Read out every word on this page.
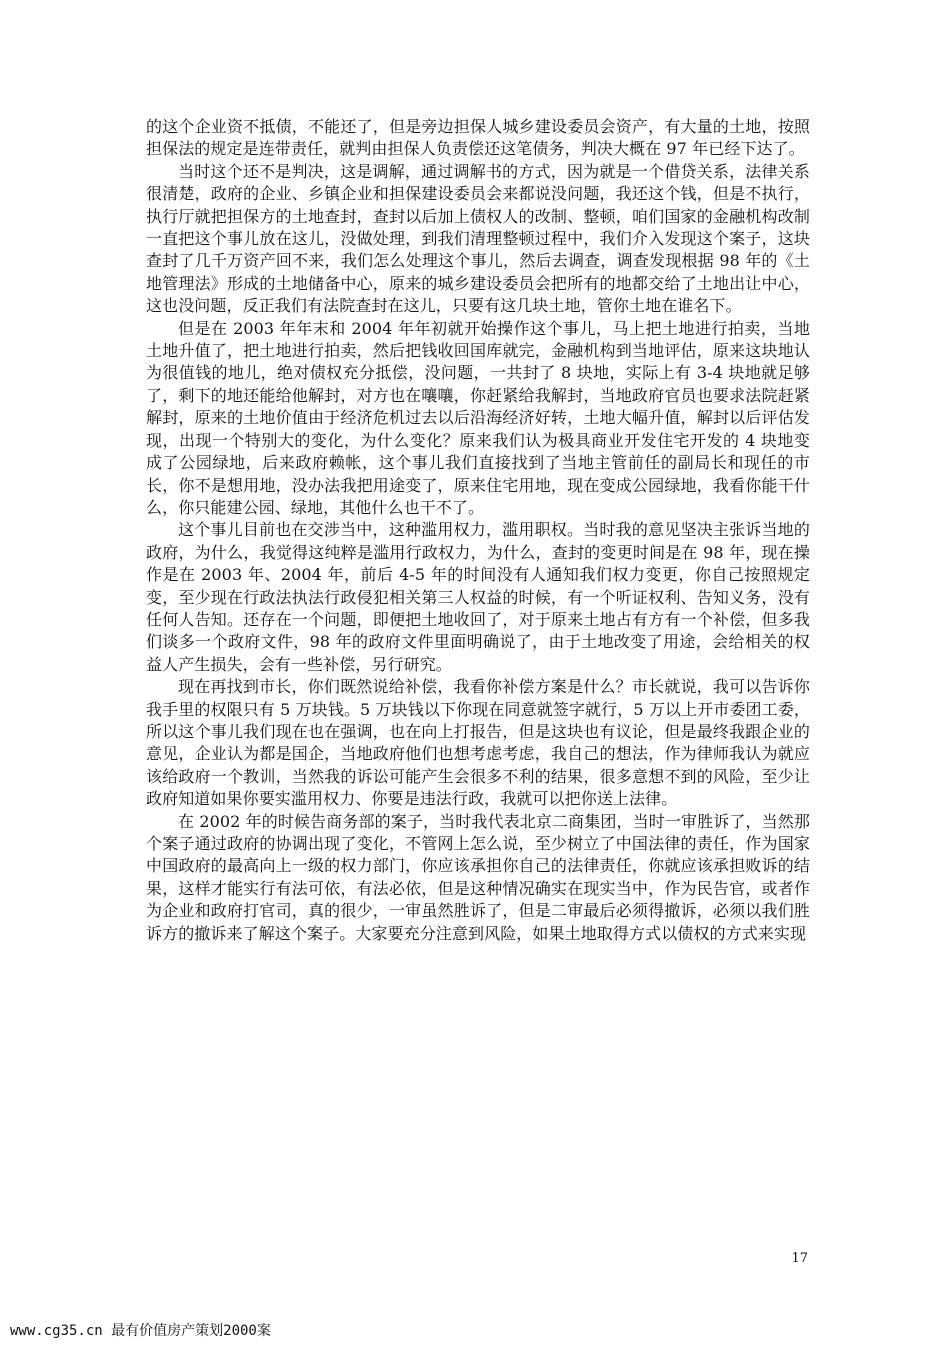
的这个企业资不抵债，不能还了，但是旁边担保人城乡建设委员会资产，有大量的土地，按照担保法的规定是连带责任，就判由担保人负责偿还这笔债务，判决大概在 97 年已经下达了。

当时这个还不是判决，这是调解，通过调解书的方式，因为就是一个借贷关系，法律关系很清楚，政府的企业、乡镇企业和担保建设委员会来都说没问题，我还这个钱，但是不执行，执行厅就把担保方的土地查封，查封以后加上债权人的改制、整顿，咱们国家的金融机构改制一直把这个事儿放在这儿，没做处理，到我们清理整顿过程中，我们介入发现这个案子，这块查封了几千万资产回不来，我们怎么处理这个事儿，然后去调查，调查发现根据 98 年的《土地管理法》形成的土地储备中心，原来的城乡建设委员会把所有的地都交给了土地出让中心，这也没问题，反正我们有法院查封在这儿，只要有这几块土地，管你土地在谁名下。

但是在 2003 年年末和 2004 年年初就开始操作这个事儿，马上把土地进行拍卖，当地土地升值了，把土地进行拍卖，然后把钱收回国库就完，金融机构到当地评估，原来这块地认为很值钱的地儿，绝对债权充分抵偿，没问题，一共封了 8 块地，实际上有 3-4 块地就足够了，剩下的地还能给他解封，对方也在嚷嚷，你赶紧给我解封，当地政府官员也要求法院赶紧解封，原来的土地价值由于经济危机过去以后沿海经济好转，土地大幅升值，解封以后评估发现，出现一个特别大的变化，为什么变化？原来我们认为极具商业开发住宅开发的 4 块地变成了公园绿地，后来政府赖帐，这个事儿我们直接找到了当地主管前任的副局长和现任的市长，你不是想用地，没办法我把用途变了，原来住宅用地，现在变成公园绿地，我看你能干什么，你只能建公园、绿地，其他什么也干不了。

这个事儿目前也在交涉当中，这种滥用权力，滥用职权。当时我的意见坚决主张诉当地的政府，为什么，我觉得这纯粹是滥用行政权力，为什么，查封的变更时间是在 98 年，现在操作是在 2003 年、2004 年，前后 4-5 年的时间没有人通知我们权力变更，你自己按照规定变，至少现在行政法执法行政侵犯相关第三人权益的时候，有一个听证权利、告知义务，没有任何人告知。还存在一个问题，即便把土地收回了，对于原来土地占有方有一个补偿，但多我们谈多一个政府文件，98 年的政府文件里面明确说了，由于土地改变了用途，会给相关的权益人产生损失，会有一些补偿，另行研究。

现在再找到市长，你们既然说给补偿，我看你补偿方案是什么？市长就说，我可以告诉你我手里的权限只有 5 万块钱。5 万块钱以下你现在同意就签字就行，5 万以上开市委团工委，所以这个事儿我们现在也在强调，也在向上打报告，但是这块也有议论，但是最终我跟企业的意见，企业认为都是国企，当地政府他们也想考虑考虑，我自己的想法，作为律师我认为就应该给政府一个教训，当然我的诉讼可能产生会很多不利的结果，很多意想不到的风险，至少让政府知道如果你要实滥用权力、你要是违法行政，我就可以把你送上法律。

在 2002 年的时候告商务部的案子，当时我代表北京二商集团，当时一审胜诉了，当然那个案子通过政府的协调出现了变化，不管网上怎么说，至少树立了中国法律的责任，作为国家中国政府的最高向上一级的权力部门，你应该承担你自己的法律责任，你就应该承担败诉的结果，这样才能实行有法可依，有法必依，但是这种情况确实在现实当中，作为民告官，或者作为企业和政府打官司，真的很少，一审虽然胜诉了，但是二审最后必须得撤诉，必须以我们胜诉方的撤诉来了解这个案子。大家要充分注意到风险，如果土地取得方式以债权的方式来实现

17
www.cg35.cn 最有价值房产策划2000案
